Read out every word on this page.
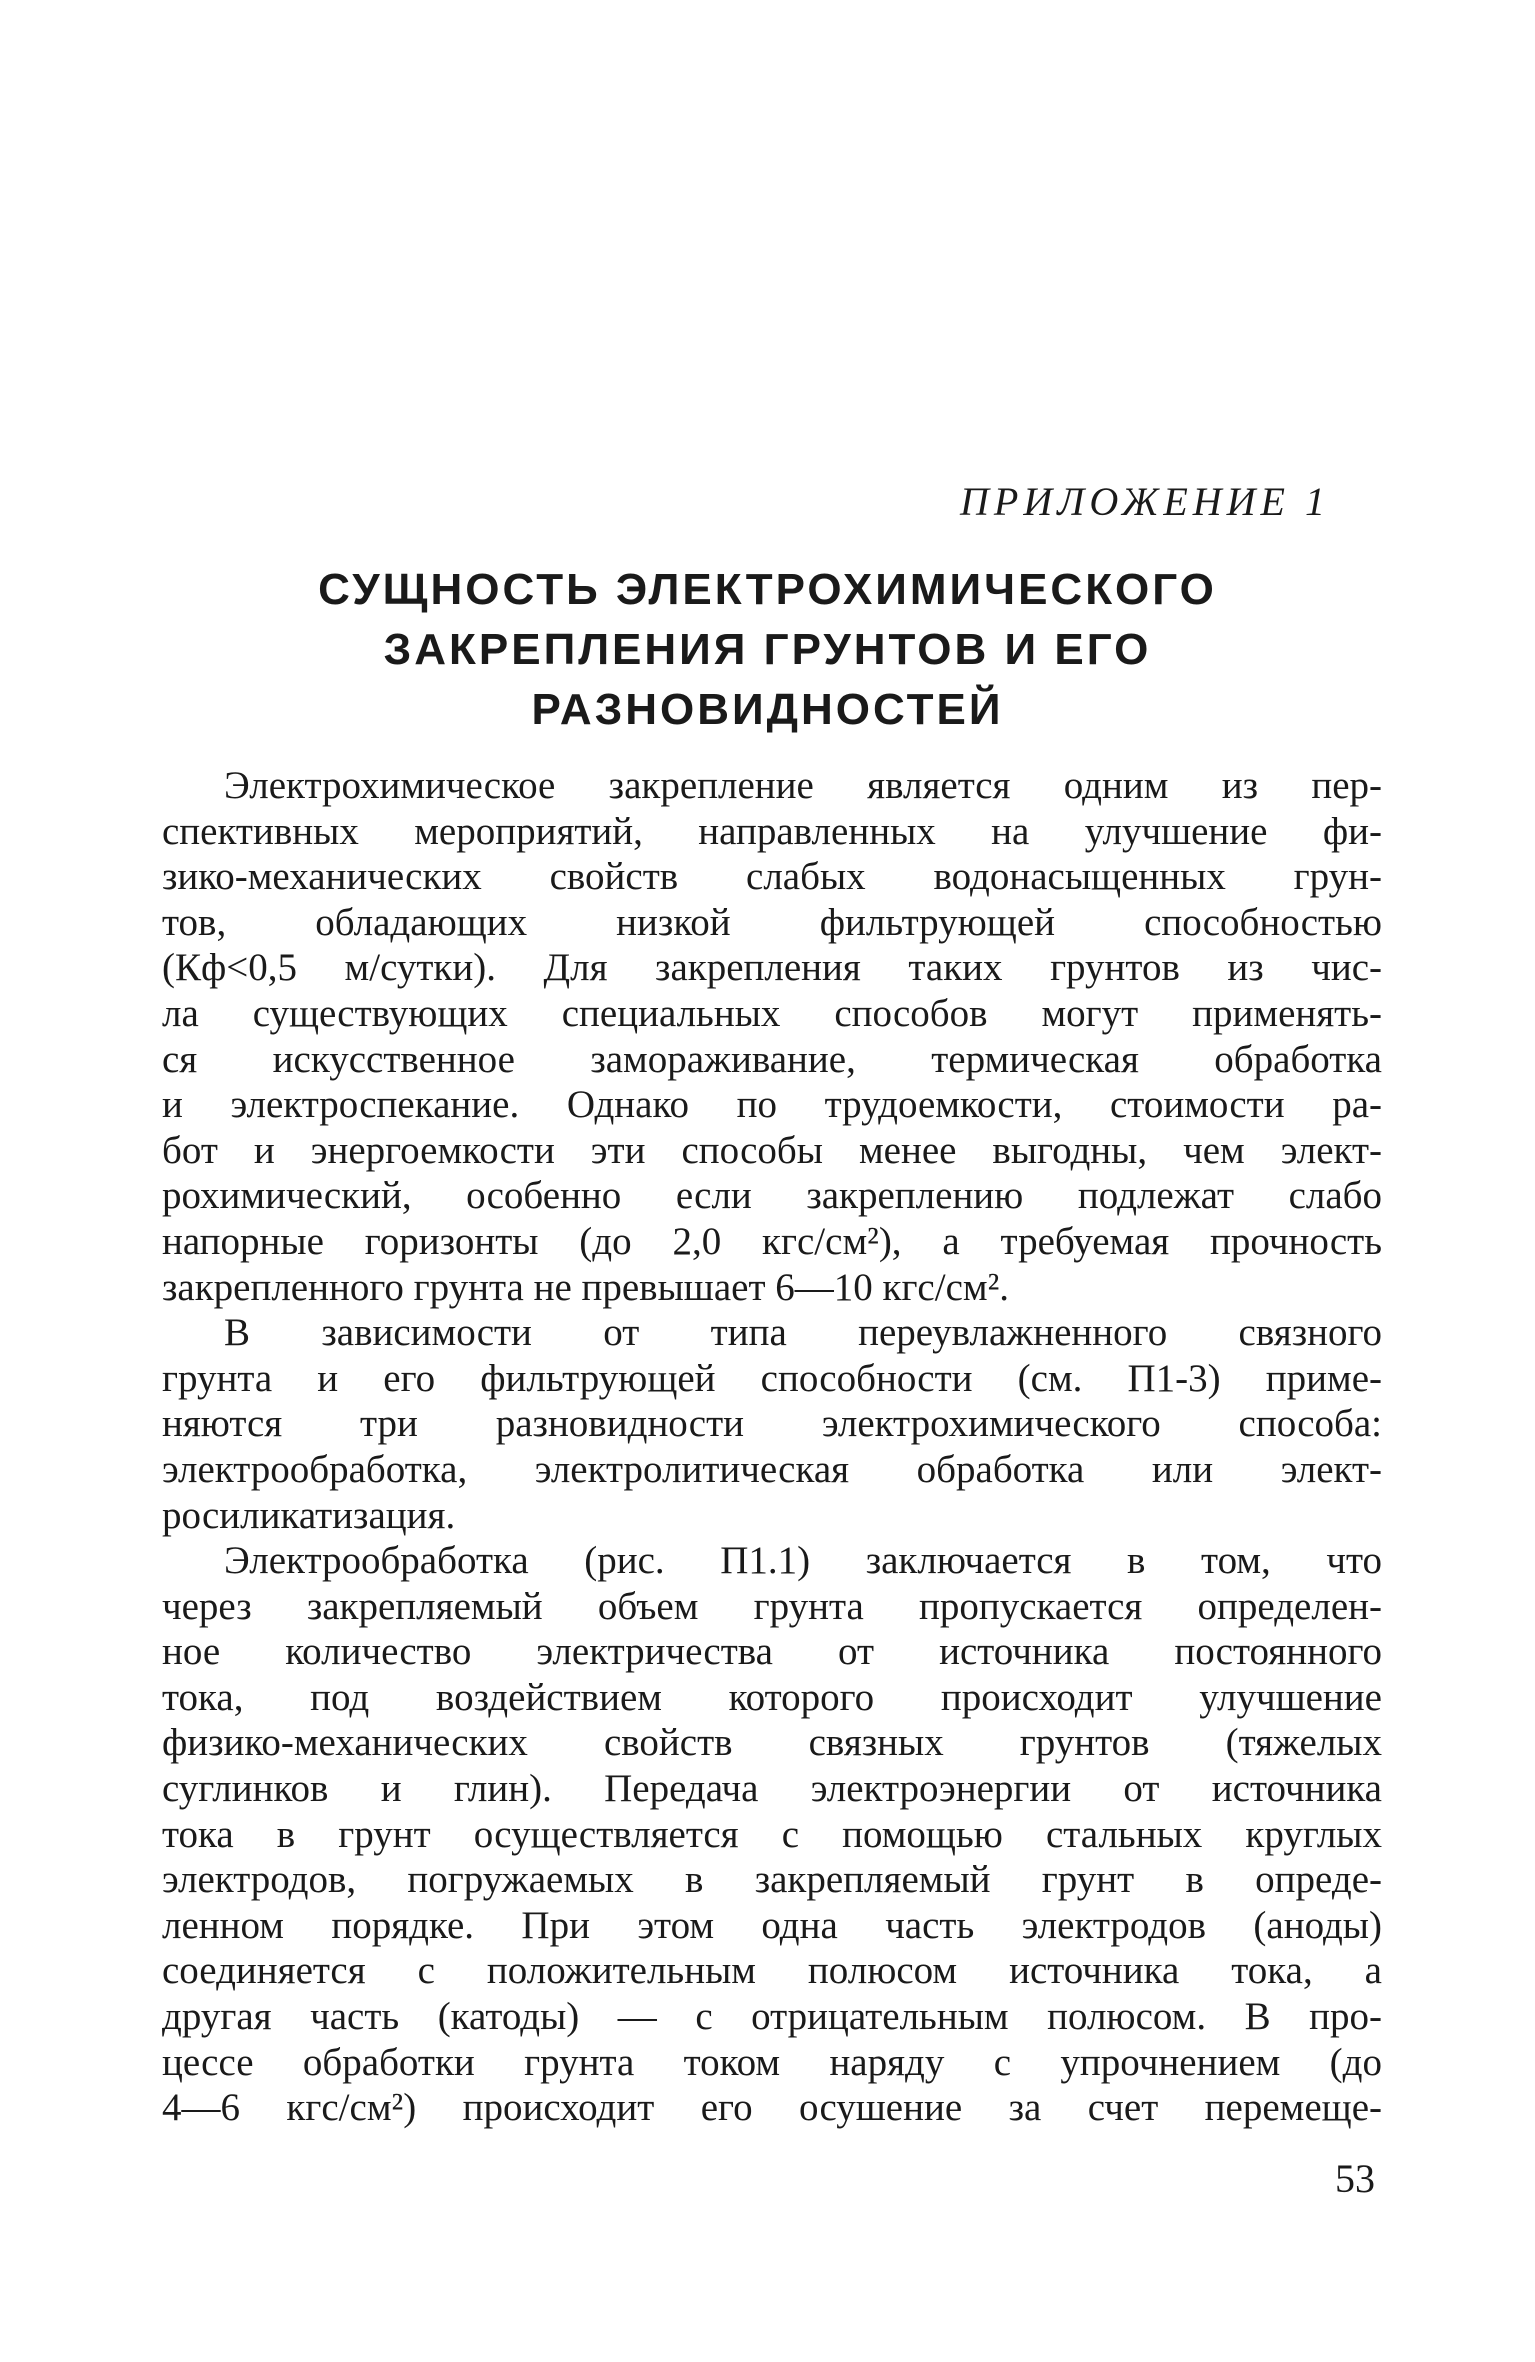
ПРИЛОЖЕНИЕ 1
СУЩНОСТЬ ЭЛЕКТРОХИМИЧЕСКОГО
ЗАКРЕПЛЕНИЯ ГРУНТОВ И ЕГО
РАЗНОВИДНОСТЕЙ
Электрохимическое закрепление является одним из пер-
спективных мероприятий, направленных на улучшение фи-
зико-механических свойств слабых водонасыщенных грун-
тов, обладающих низкой фильтрующей способностью
(Кф<0,5 м/сутки). Для закрепления таких грунтов из чис-
ла существующих специальных способов могут применять-
ся искусственное замораживание, термическая обработка
и электроспекание. Однако по трудоемкости, стоимости ра-
бот и энергоемкости эти способы менее выгодны, чем элект-
рохимический, особенно если закреплению подлежат слабо
напорные горизонты (до 2,0 кгс/см²), а требуемая прочность
закрепленного грунта не превышает 6—10 кгс/см².
В зависимости от типа переувлажненного связного
грунта и его фильтрующей способности (см. П1-3) приме-
няются три разновидности электрохимического способа:
электрообработка, электролитическая обработка или элект-
росиликатизация.
Электрообработка (рис. П1.1) заключается в том, что
через закрепляемый объем грунта пропускается определен-
ное количество электричества от источника постоянного
тока, под воздействием которого происходит улучшение
физико-механических свойств связных грунтов (тяжелых
суглинков и глин). Передача электроэнергии от источника
тока в грунт осуществляется с помощью стальных круглых
электродов, погружаемых в закрепляемый грунт в опреде-
ленном порядке. При этом одна часть электродов (аноды)
соединяется с положительным полюсом источника тока, а
другая часть (катоды) — с отрицательным полюсом. В про-
цессе обработки грунта током наряду с упрочнением (до
4—6 кгс/см²) происходит его осушение за счет перемеще-
53
